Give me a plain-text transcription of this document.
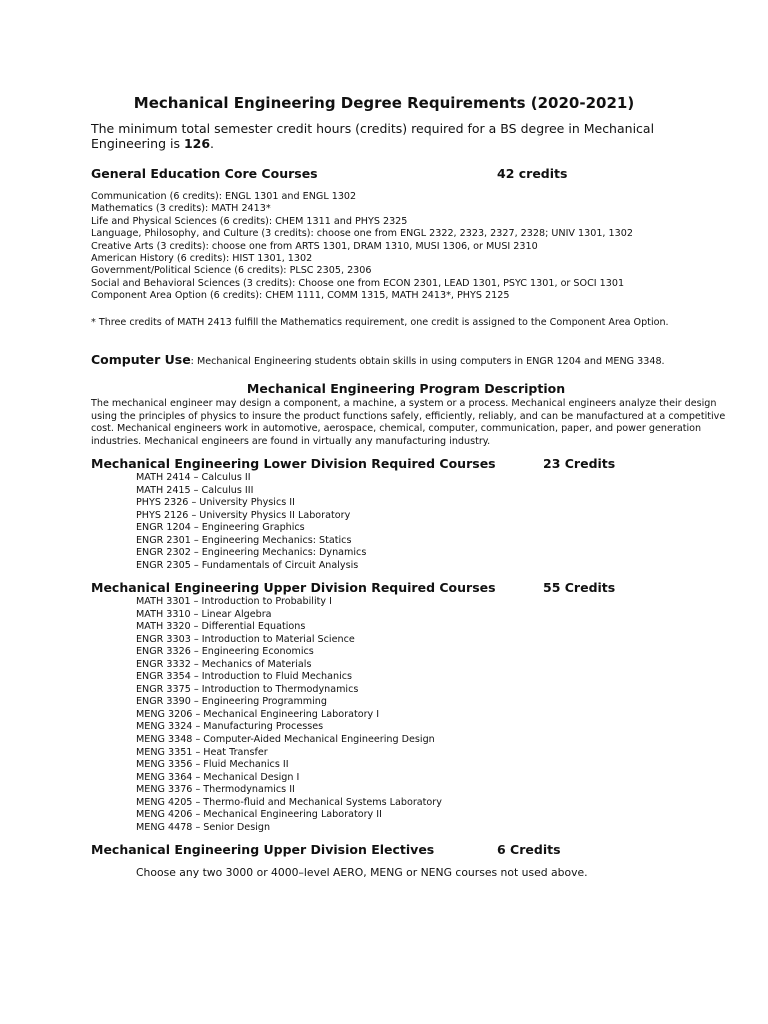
Mechanical Engineering Degree Requirements (2020-2021)
The minimum total semester credit hours (credits) required for a BS degree in Mechanical Engineering is 126.
General Education Core Courses	42 credits
Communication (6 credits): ENGL 1301 and ENGL 1302
Mathematics (3 credits): MATH 2413*
Life and Physical Sciences (6 credits): CHEM 1311 and PHYS 2325
Language, Philosophy, and Culture (3 credits): choose one from ENGL 2322, 2323, 2327, 2328; UNIV 1301, 1302
Creative Arts (3 credits): choose one from ARTS 1301, DRAM 1310, MUSI 1306, or MUSI 2310
American History (6 credits): HIST 1301, 1302
Government/Political Science (6 credits): PLSC 2305, 2306
Social and Behavioral Sciences (3 credits): Choose one from ECON 2301, LEAD 1301, PSYC 1301, or SOCI 1301
Component Area Option (6 credits): CHEM 1111, COMM 1315, MATH 2413*, PHYS 2125
* Three credits of MATH 2413 fulfill the Mathematics requirement, one credit is assigned to the Component Area Option.
Computer Use: Mechanical Engineering students obtain skills in using computers in ENGR 1204 and MENG 3348.
Mechanical Engineering Program Description
The mechanical engineer may design a component, a machine, a system or a process. Mechanical engineers analyze their design using the principles of physics to insure the product functions safely, efficiently, reliably, and can be manufactured at a competitive cost. Mechanical engineers work in automotive, aerospace, chemical, computer, communication, paper, and power generation industries. Mechanical engineers are found in virtually any manufacturing industry.
Mechanical Engineering Lower Division Required Courses	23 Credits
MATH 2414 – Calculus II
MATH 2415 – Calculus III
PHYS 2326 – University Physics II
PHYS 2126 – University Physics II Laboratory
ENGR 1204 – Engineering Graphics
ENGR 2301 – Engineering Mechanics: Statics
ENGR 2302 – Engineering Mechanics: Dynamics
ENGR 2305 – Fundamentals of Circuit Analysis
Mechanical Engineering Upper Division Required Courses	55 Credits
MATH 3301 – Introduction to Probability I
MATH 3310 – Linear Algebra
MATH 3320 – Differential Equations
ENGR 3303 – Introduction to Material Science
ENGR 3326 – Engineering Economics
ENGR 3332 – Mechanics of Materials
ENGR 3354 – Introduction to Fluid Mechanics
ENGR 3375 – Introduction to Thermodynamics
ENGR 3390 – Engineering Programming
MENG 3206 – Mechanical Engineering Laboratory I
MENG 3324 – Manufacturing Processes
MENG 3348 – Computer-Aided Mechanical Engineering Design
MENG 3351 – Heat Transfer
MENG 3356 – Fluid Mechanics II
MENG 3364 – Mechanical Design I
MENG 3376 – Thermodynamics II
MENG 4205 – Thermo-fluid and Mechanical Systems Laboratory
MENG 4206 – Mechanical Engineering Laboratory II
MENG 4478 – Senior Design
Mechanical Engineering Upper Division Electives	6 Credits
Choose any two 3000 or 4000–level AERO, MENG or NENG courses not used above.
